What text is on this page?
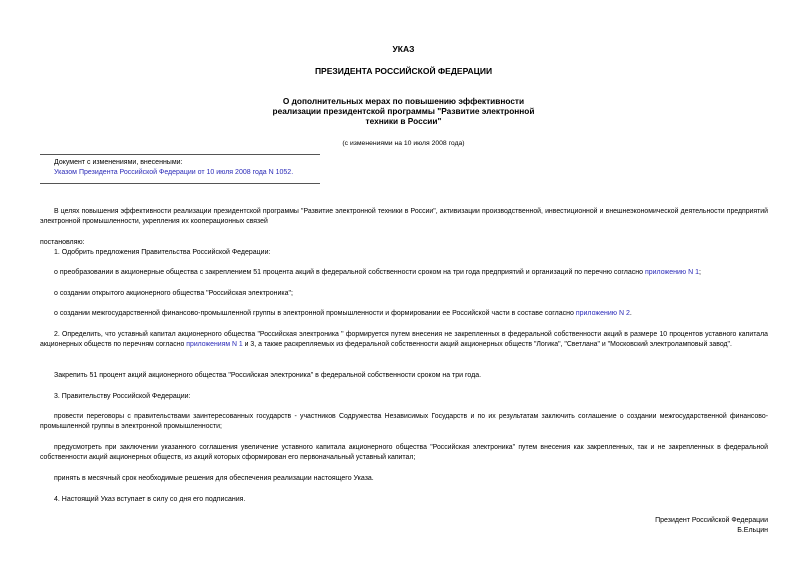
УКАЗ
ПРЕЗИДЕНТА РОССИЙСКОЙ ФЕДЕРАЦИИ
О дополнительных мерах по повышению эффективности
реализации президентской программы "Развитие электронной
техники в России"
(с изменениями на 10 июля 2008 года)
Документ с изменениями, внесенными:
Указом Президента Российской Федерации от 10 июля 2008 года N 1052.
В целях повышения эффективности реализации президентской программы "Развитие электронной техники в России", активизации производственной, инвестиционной и внешнеэкономической деятельности предприятий электронной промышленности, укрепления их кооперационных связей
постановляю:
1. Одобрить предложения Правительства Российской Федерации:
о преобразовании в акционерные общества с закреплением 51 процента акций в федеральной собственности сроком на три года предприятий и организаций по перечню согласно приложению N 1;
о создании открытого акционерного общества "Российская электроника";
о создании межгосударственной финансово-промышленной группы в электронной промышленности и формировании ее Российской части в составе согласно приложению N 2.
2. Определить, что уставный капитал акционерного общества "Российская электроника " формируется путем внесения не закрепленных в федеральной собственности акций в размере 10 процентов уставного капитала акционерных обществ по перечням согласно приложениям N 1 и 3, а также раскрепляемых из федеральной собственности акций акционерных обществ "Логика", "Светлана" и "Московский электроламповый завод".
Закрепить 51 процент акций акционерного общества "Российская электроника" в федеральной собственности сроком на три года.
3. Правительству Российской Федерации:
провести переговоры с правительствами заинтересованных государств - участников Содружества Независимых Государств и по их результатам заключить соглашение о создании межгосударственной финансово-промышленной группы в электронной промышленности;
предусмотреть при заключении указанного соглашения увеличение уставного капитала акционерного общества "Российская электроника" путем внесения как закрепленных, так и не закрепленных в федеральной собственности акций акционерных обществ, из акций которых сформирован его первоначальный уставный капитал;
принять в месячный срок необходимые решения для обеспечения реализации настоящего Указа.
4. Настоящий Указ вступает в силу со дня его подписания.
Президент Российской Федерации
Б.Ельцин
